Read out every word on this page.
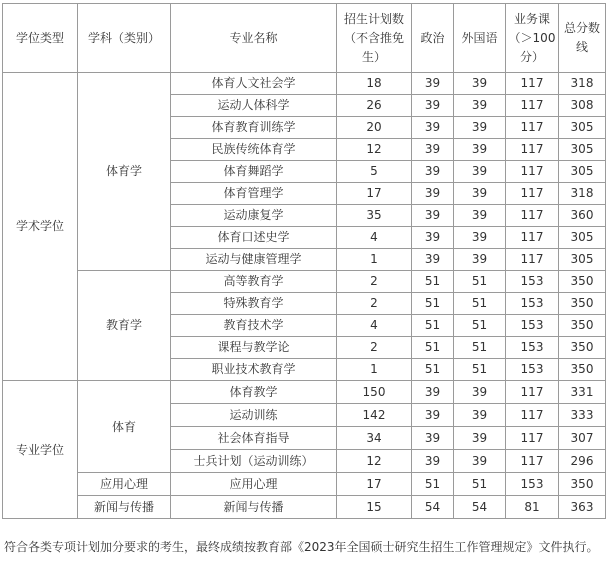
学位类型	学科（类别）	专业名称	招生计划数（不含推免生）	政治	外国语	业务课（＞100分）	总分数线
学术学位	体育学	体育人文社会学	18	39	39	117	318
		运动人体科学	26	39	39	117	308
		体育教育训练学	20	39	39	117	305
		民族传统体育学	12	39	39	117	305
		体育舞蹈学	5	39	39	117	305
		体育管理学	17	39	39	117	318
		运动康复学	35	39	39	117	360
		体育口述史学	4	39	39	117	305
		运动与健康管理学	1	39	39	117	305
	教育学	高等教育学	2	51	51	153	350
		特殊教育学	2	51	51	153	350
		教育技术学	4	51	51	153	350
		课程与教学论	2	51	51	153	350
		职业技术教育学	1	51	51	153	350
专业学位	体育	体育教学	150	39	39	117	331
		运动训练	142	39	39	117	333
		社会体育指导	34	39	39	117	307
		士兵计划（运动训练）	12	39	39	117	296
	应用心理	应用心理	17	51	51	153	350
	新闻与传播	新闻与传播	15	54	54	81	363
符合各类专项计划加分要求的考生，最终成绩按教育部《2023年全国硕士研究生招生工作管理规定》文件执行。
